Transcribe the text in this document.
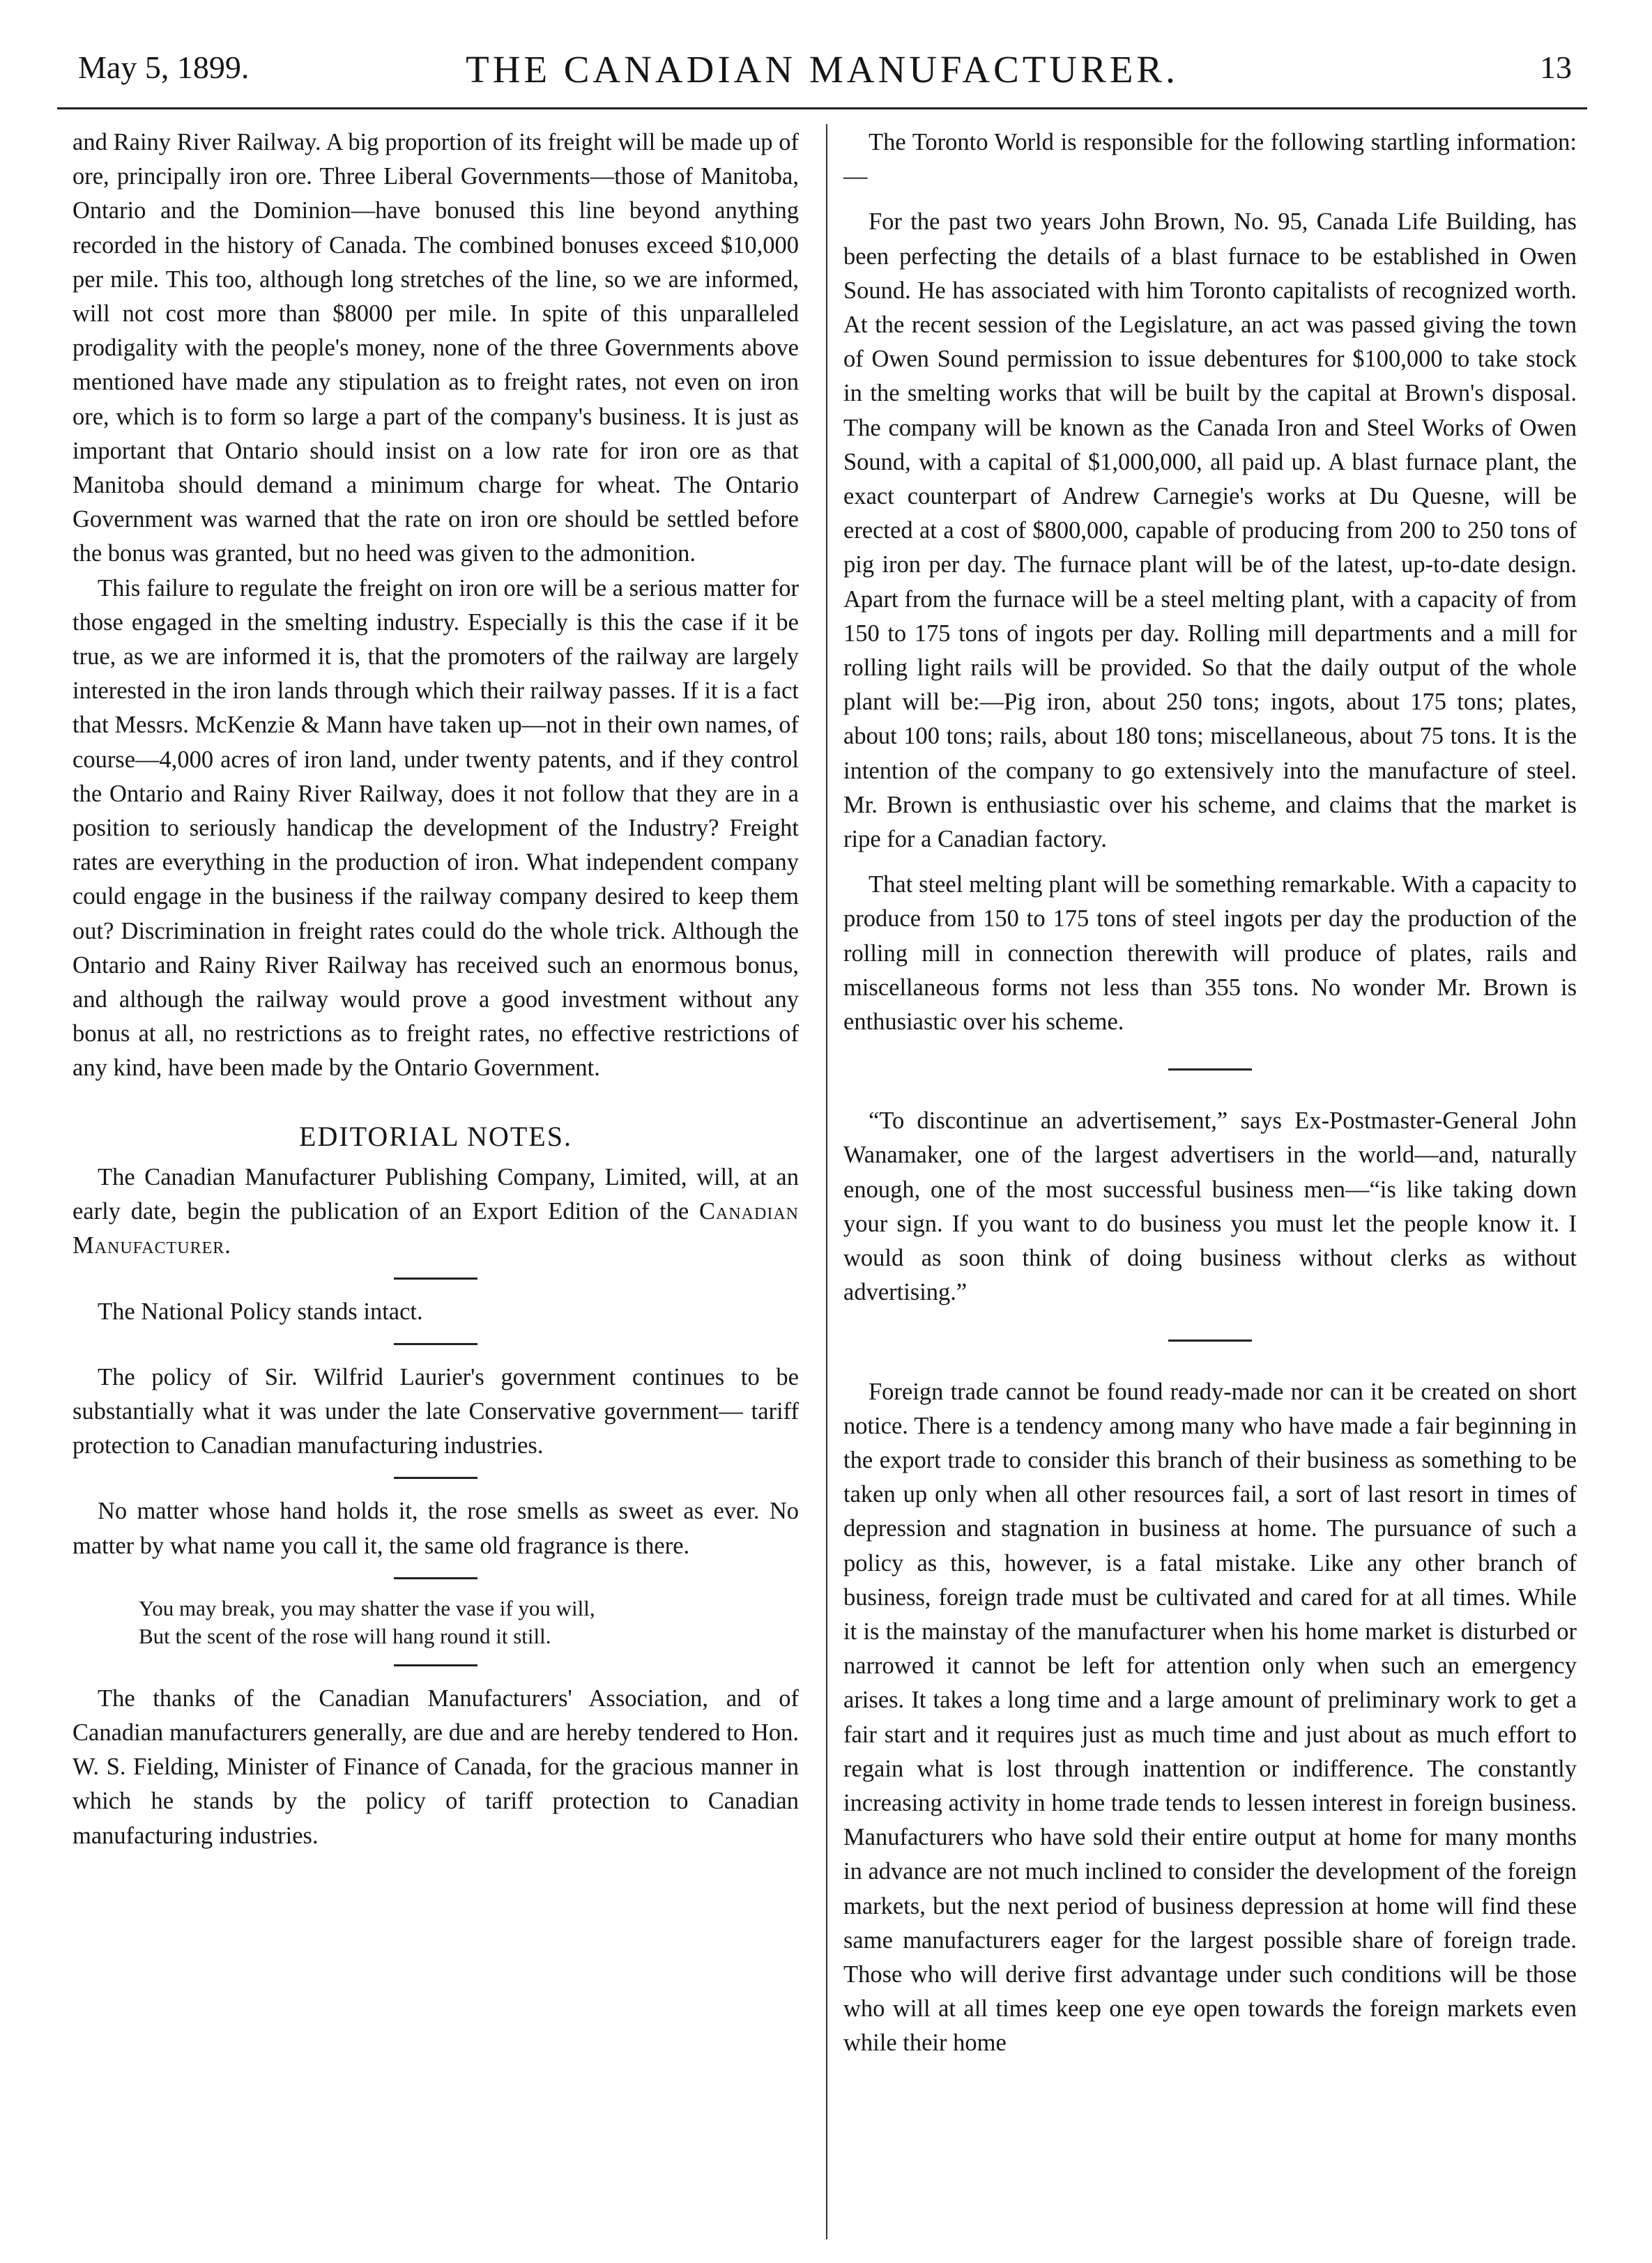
May 5, 1899.	THE CANADIAN MANUFACTURER.	13

and Rainy River Railway. A big proportion of its freight will be made up of ore, principally iron ore. Three Liberal Governments—those of Manitoba, Ontario and the Dominion—have bonused this line beyond anything recorded in the history of Canada. The combined bonuses exceed $10,000 per mile. This too, although long stretches of the line, so we are informed, will not cost more than $8000 per mile. In spite of this unparalleled prodigality with the people's money, none of the three Governments above mentioned have made any stipulation as to freight rates, not even on iron ore, which is to form so large a part of the company's business. It is just as important that Ontario should insist on a low rate for iron ore as that Manitoba should demand a minimum charge for wheat. The Ontario Government was warned that the rate on iron ore should be settled before the bonus was granted, but no heed was given to the admonition.

This failure to regulate the freight on iron ore will be a serious matter for those engaged in the smelting industry. Especially is this the case if it be true, as we are informed it is, that the promoters of the railway are largely interested in the iron lands through which their railway passes. If it is a fact that Messrs. McKenzie & Mann have taken up—not in their own names, of course—4,000 acres of iron land, under twenty patents, and if they control the Ontario and Rainy River Railway, does it not follow that they are in a position to seriously handicap the development of the Industry? Freight rates are everything in the production of iron. What independent company could engage in the business if the railway company desired to keep them out? Discrimination in freight rates could do the whole trick. Although the Ontario and Rainy River Railway has received such an enormous bonus, and although the railway would prove a good investment without any bonus at all, no restrictions as to freight rates, no effective restrictions of any kind, have been made by the Ontario Government.

EDITORIAL NOTES.

The Canadian Manufacturer Publishing Company, Limited, will, at an early date, begin the publication of an Export Edition of the Canadian Manufacturer.

The National Policy stands intact.

The policy of Sir. Wilfrid Laurier's government continues to be substantially what it was under the late Conservative government— tariff protection to Canadian manufacturing industries.

No matter whose hand holds it, the rose smells as sweet as ever. No matter by what name you call it, the same old fragrance is there.

You may break, you may shatter the vase if you will,
But the scent of the rose will hang round it still.

The thanks of the Canadian Manufacturers' Association, and of Canadian manufacturers generally, are due and are hereby tendered to Hon. W. S. Fielding, Minister of Finance of Canada, for the gracious manner in which he stands by the policy of tariff protection to Canadian manufacturing industries.

The Toronto World is responsible for the following startling information:—

For the past two years John Brown, No. 95, Canada Life Building, has been perfecting the details of a blast furnace to be established in Owen Sound. He has associated with him Toronto capitalists of recognized worth. At the recent session of the Legislature, an act was passed giving the town of Owen Sound permission to issue debentures for $100,000 to take stock in the smelting works that will be built by the capital at Brown's disposal. The company will be known as the Canada Iron and Steel Works of Owen Sound, with a capital of $1,000,000, all paid up. A blast furnace plant, the exact counterpart of Andrew Carnegie's works at Du Quesne, will be erected at a cost of $800,000, capable of producing from 200 to 250 tons of pig iron per day. The furnace plant will be of the latest, up-to-date design. Apart from the furnace will be a steel melting plant, with a capacity of from 150 to 175 tons of ingots per day. Rolling mill departments and a mill for rolling light rails will be provided. So that the daily output of the whole plant will be:—Pig iron, about 250 tons; ingots, about 175 tons; plates, about 100 tons; rails, about 180 tons; miscellaneous, about 75 tons. It is the intention of the company to go extensively into the manufacture of steel. Mr. Brown is enthusiastic over his scheme, and claims that the market is ripe for a Canadian factory.

That steel melting plant will be something remarkable. With a capacity to produce from 150 to 175 tons of steel ingots per day the production of the rolling mill in connection therewith will produce of plates, rails and miscellaneous forms not less than 355 tons. No wonder Mr. Brown is enthusiastic over his scheme.

“To discontinue an advertisement,” says Ex-Postmaster-General John Wanamaker, one of the largest advertisers in the world—and, naturally enough, one of the most successful business men—“is like taking down your sign. If you want to do business you must let the people know it. I would as soon think of doing business without clerks as without advertising.”

Foreign trade cannot be found ready-made nor can it be created on short notice. There is a tendency among many who have made a fair beginning in the export trade to consider this branch of their business as something to be taken up only when all other resources fail, a sort of last resort in times of depression and stagnation in business at home. The pursuance of such a policy as this, however, is a fatal mistake. Like any other branch of business, foreign trade must be cultivated and cared for at all times. While it is the mainstay of the manufacturer when his home market is disturbed or narrowed it cannot be left for attention only when such an emergency arises. It takes a long time and a large amount of preliminary work to get a fair start and it requires just as much time and just about as much effort to regain what is lost through inattention or indifference. The constantly increasing activity in home trade tends to lessen interest in foreign business. Manufacturers who have sold their entire output at home for many months in advance are not much inclined to consider the development of the foreign markets, but the next period of business depression at home will find these same manufacturers eager for the largest possible share of foreign trade. Those who will derive first advantage under such conditions will be those who will at all times keep one eye open towards the foreign markets even while their home
